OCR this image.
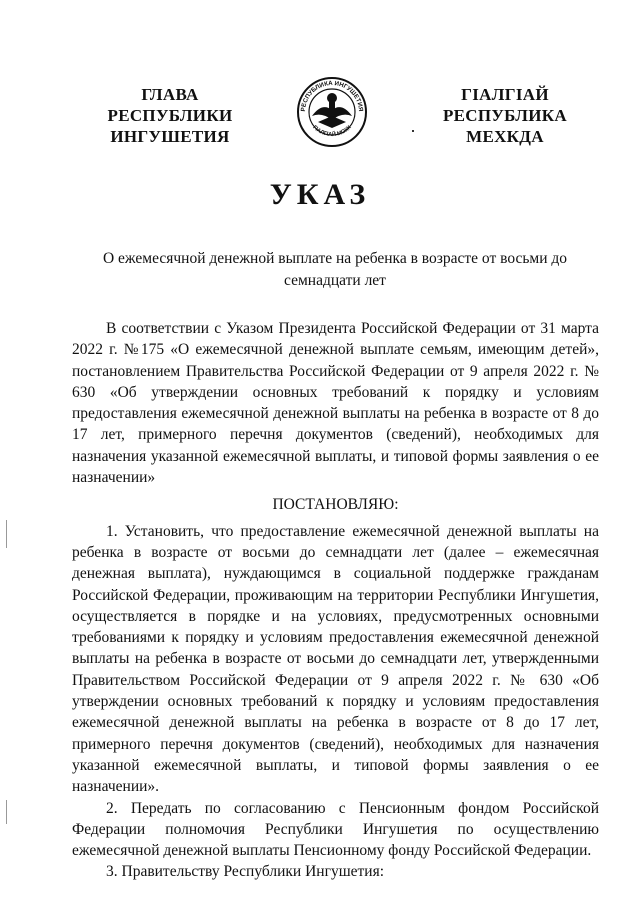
ГЛАВА
РЕСПУБЛИКИ
ИНГУШЕТИЯ
РЕСПУБЛИКА ИНГУШЕТИЯ
ГIАЛГIАЙ МОХК
ГIАЛГIАЙ
РЕСПУБЛИКА
МЕХКДА
УКАЗ
О ежемесячной денежной выплате на ребенка в возрасте от восьми до семнадцати лет

В соответствии с Указом Президента Российской Федерации от 31 марта 2022 г. №175 «О ежемесячной денежной выплате семьям, имеющим детей», постановлением Правительства Российской Федерации от 9 апреля 2022 г. № 630 «Об утверждении основных требований к порядку и условиям предоставления ежемесячной денежной выплаты на ребенка в возрасте от 8 до 17 лет, примерного перечня документов (сведений), необходимых для назначения указанной ежемесячной выплаты, и типовой формы заявления о ее назначении»

ПОСТАНОВЛЯЮ:

1. Установить, что предоставление ежемесячной денежной выплаты на ребенка в возрасте от восьми до семнадцати лет (далее – ежемесячная денежная выплата), нуждающимся в социальной поддержке гражданам Российской Федерации, проживающим на территории Республики Ингушетия, осуществляется в порядке и на условиях, предусмотренных основными требованиями к порядку и условиям предоставления ежемесячной денежной выплаты на ребенка в возрасте от восьми до семнадцати лет, утвержденными Правительством Российской Федерации от 9 апреля 2022 г. № 630 «Об утверждении основных требований к порядку и условиям предоставления ежемесячной денежной выплаты на ребенка в возрасте от 8 до 17 лет, примерного перечня документов (сведений), необходимых для назначения указанной ежемесячной выплаты, и типовой формы заявления о ее назначении».

2. Передать по согласованию с Пенсионным фондом Российской Федерации полномочия Республики Ингушетия по осуществлению ежемесячной денежной выплаты Пенсионному фонду Российской Федерации.

3. Правительству Республики Ингушетия:
